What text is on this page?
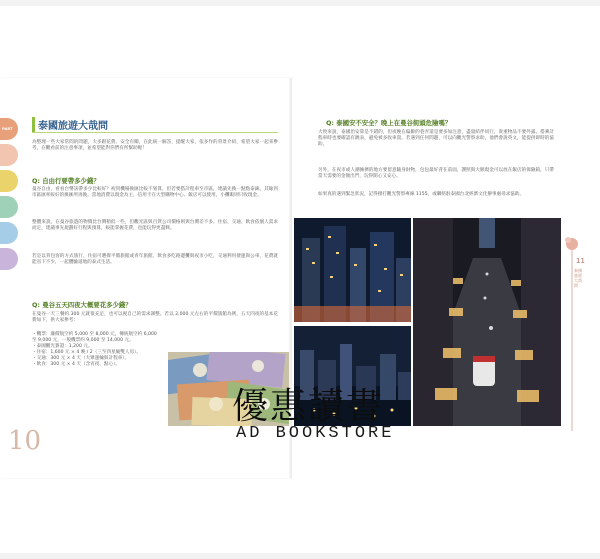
PART	泰國旅遊大哉問
為整理一些大家常問的問題，大多跟花費、安全有關，在此統一解答，提醒大家，依多作的背景介紹，希望大家一起來參考，在觀看前的注意事項，並希望能對你們有所幫助喔！
Q: 自由行要帶多少錢？
曼谷自由，看看台幣該帶多少比較好？初到機場換匯比較不划算，但若要搭計程車至市區，建議先換一點點泰銖，其餘到市區匯率較好的換匯所再換。當地消費以現金為主，信用卡在大型購物中心、飯店可以使用，小攤販則只收現金。
整體來說，在曼谷旅遊的物價比台灣稍低一些，但觀光區與百貨公司價格則與台灣差不多。住宿、交通、飲食依個人需求而定，建議事先規劃好行程與預算，較能掌握花費，也能玩得更盡興。
若是以背包客的方式旅行，住宿可選擇平價旅館或青年旅館，飲食多吃路邊攤與夜市小吃，交通利用捷運與公車，花費就能省下不少，一起體驗道地的泰式生活。
Q: 曼谷五天四夜大概要花多少錢？
在曼谷一天三餐約 300 元就很充足，也可以視自己的需求調整。若以 2,000 元左右的平價旅館為例，五天四夜的基本花費如下，供大家參考：
・機票：廉價航空約 5,000 至 8,000 元，傳統航空約 6,000 至 9,000 元，一般機票約 9,000 至 14,000 元。
・泰國觀光簽證：1,200 元。
・住宿：1,600 元 × 4 晚 / 2（三至四星級雙人房）。
・交通：300 元 × 4 天（大眾運輸與計程車）。
・飲食：300 元 × 4 天（含宵夜、點心）。
10
Q: 泰國安不安全？晚上在曼谷街頭危險嗎？
大致來說，泰國治安算是不錯的，但夜晚在偏僻的巷弄還是要多加注意，盡量結伴同行，貴重物品不要外露，搭乘計程車時也要確認有跳表，避免被多收車資。若遇到任何問題，可以向觀光警察求助，他們會說英文，能提供即時的協助。
另外，在夜市或人潮擁擠的地方要留意隨身財物，包包最好背在前面，護照與大額現金可以放在飯店的保險箱，只帶當天需要的金額出門，玩得開心又安心。
如果真的遇到緊急狀況，記得撥打觀光警察專線 1155，或聯絡駐泰國台北經濟文化辦事處尋求協助。
11
泰國旅遊大哉問
優惠讀書
AD BOOKSTORE
